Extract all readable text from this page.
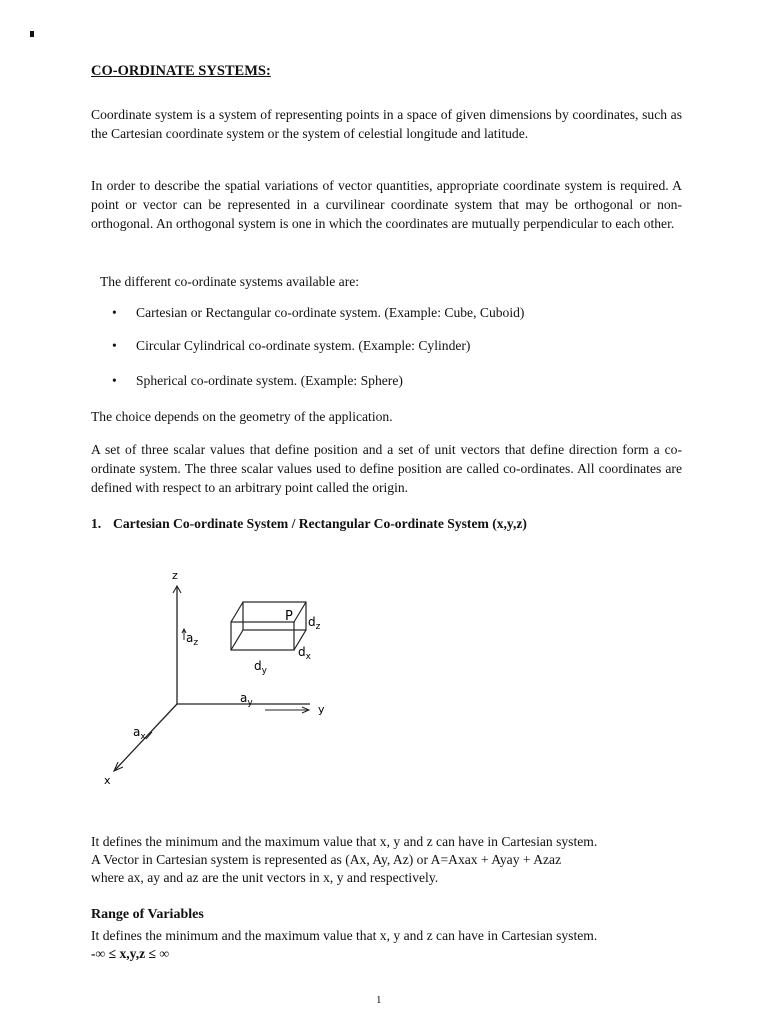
CO-ORDINATE SYSTEMS:
Coordinate system is a system of representing points in a space of given dimensions by coordinates, such as the Cartesian coordinate system or the system of celestial longitude and latitude.
In order to describe the spatial variations of vector quantities, appropriate coordinate system is required. A point or vector can be represented in a curvilinear coordinate system that may be orthogonal or non-orthogonal. An orthogonal system is one in which the coordinates are mutually perpendicular to each other.
The different co-ordinate systems available are:
• Cartesian or Rectangular co-ordinate system. (Example: Cube, Cuboid)
• Circular Cylindrical co-ordinate system. (Example: Cylinder)
• Spherical co-ordinate system. (Example: Sphere)
The choice depends on the geometry of the application.
A set of three scalar values that define position and a set of unit vectors that define direction form a co-ordinate system. The three scalar values used to define position are called co-ordinates. All coordinates are defined with respect to an arbitrary point called the origin.
1. Cartesian Co-ordinate System / Rectangular Co-ordinate System (x,y,z)
z
y
x
$a_z$
$a_y$
$a_x$
P $d_z$
$d_x$
$d_y$
It defines the minimum and the maximum value that x, y and z can have in Cartesian system.
A Vector in Cartesian system is represented as (Ax, Ay, Az) or A=Axax + Ayay + Azaz
where ax, ay and az are the unit vectors in x, y and respectively.
Range of Variables
It defines the minimum and the maximum value that x, y and z can have in Cartesian system.
-∞ ≤ x,y,z ≤ ∞
1
